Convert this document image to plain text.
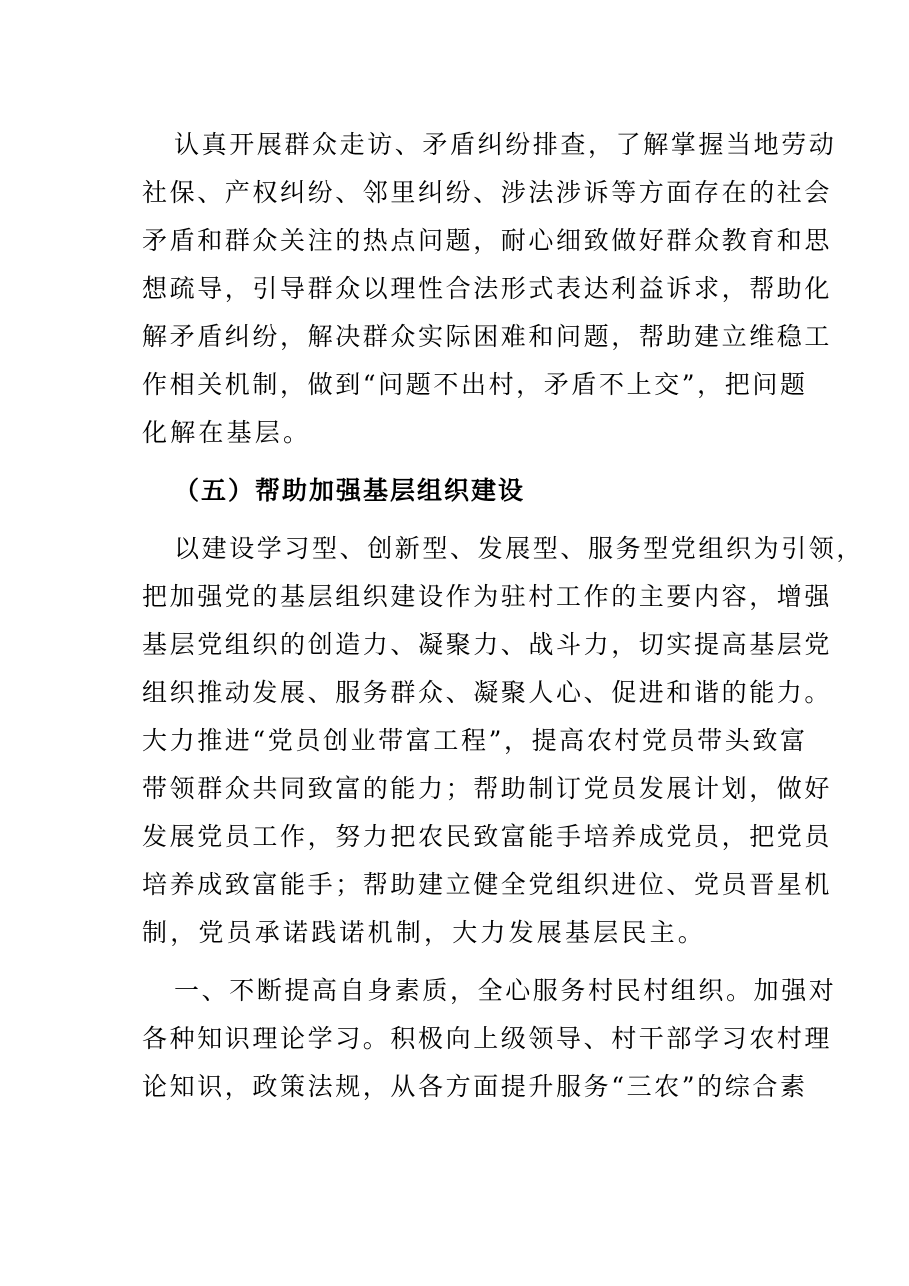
认真开展群众走访、矛盾纠纷排查，了解掌握当地劳动
社保、产权纠纷、邻里纠纷、涉法涉诉等方面存在的社会
矛盾和群众关注的热点问题，耐心细致做好群众教育和思
想疏导，引导群众以理性合法形式表达利益诉求，帮助化
解矛盾纠纷，解决群众实际困难和问题，帮助建立维稳工
作相关机制，做到“问题不出村，矛盾不上交”，把问题
化解在基层。
（五）帮助加强基层组织建设
以建设学习型、创新型、发展型、服务型党组织为引领，
把加强党的基层组织建设作为驻村工作的主要内容，增强
基层党组织的创造力、凝聚力、战斗力，切实提高基层党
组织推动发展、服务群众、凝聚人心、促进和谐的能力。
大力推进“党员创业带富工程”，提高农村党员带头致富
带领群众共同致富的能力；帮助制订党员发展计划，做好
发展党员工作，努力把农民致富能手培养成党员，把党员
培养成致富能手；帮助建立健全党组织进位、党员晋星机
制，党员承诺践诺机制，大力发展基层民主。
一、不断提高自身素质，全心服务村民村组织。加强对
各种知识理论学习。积极向上级领导、村干部学习农村理
论知识，政策法规，从各方面提升服务“三农”的综合素
